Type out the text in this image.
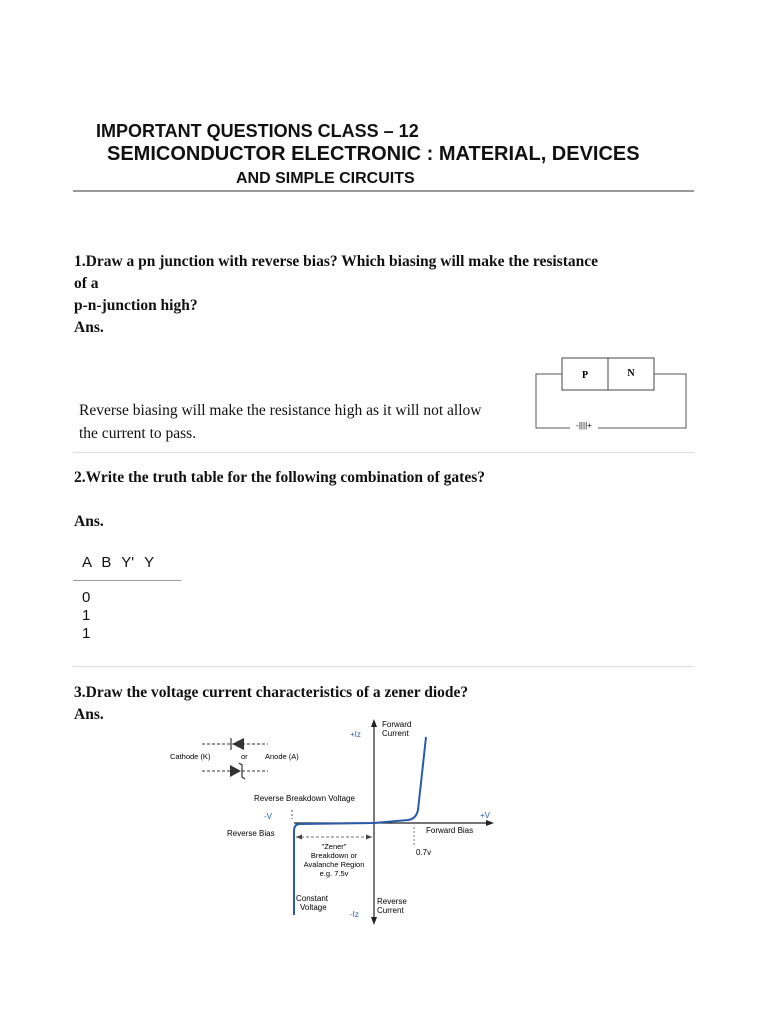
IMPORTANT QUESTIONS CLASS – 12
SEMICONDUCTOR ELECTRONIC : MATERIAL, DEVICES
AND SIMPLE CIRCUITS
1.Draw a pn junction with reverse bias? Which biasing will make the resistance
of a
p-n-junction high?
Ans.
Reverse biasing will make the resistance high as it will not allow
the current to pass.
P	N
-||||+
2.Write the truth table for the following combination of gates?
Ans.
A B Y' Y
0
1
1
3.Draw the voltage current characteristics of a zener diode?
Ans.
+Iz
-Iz
Forward
Current
Cathode (K)	or Anode (A)
Reverse Breakdown Voltage
-V	+V
Reverse Bias	Forward Bias
"Zener"
Breakdown or
Avalanche Region
e.g. 7.5v
0.7v
Constant
Voltage
Reverse
Current
